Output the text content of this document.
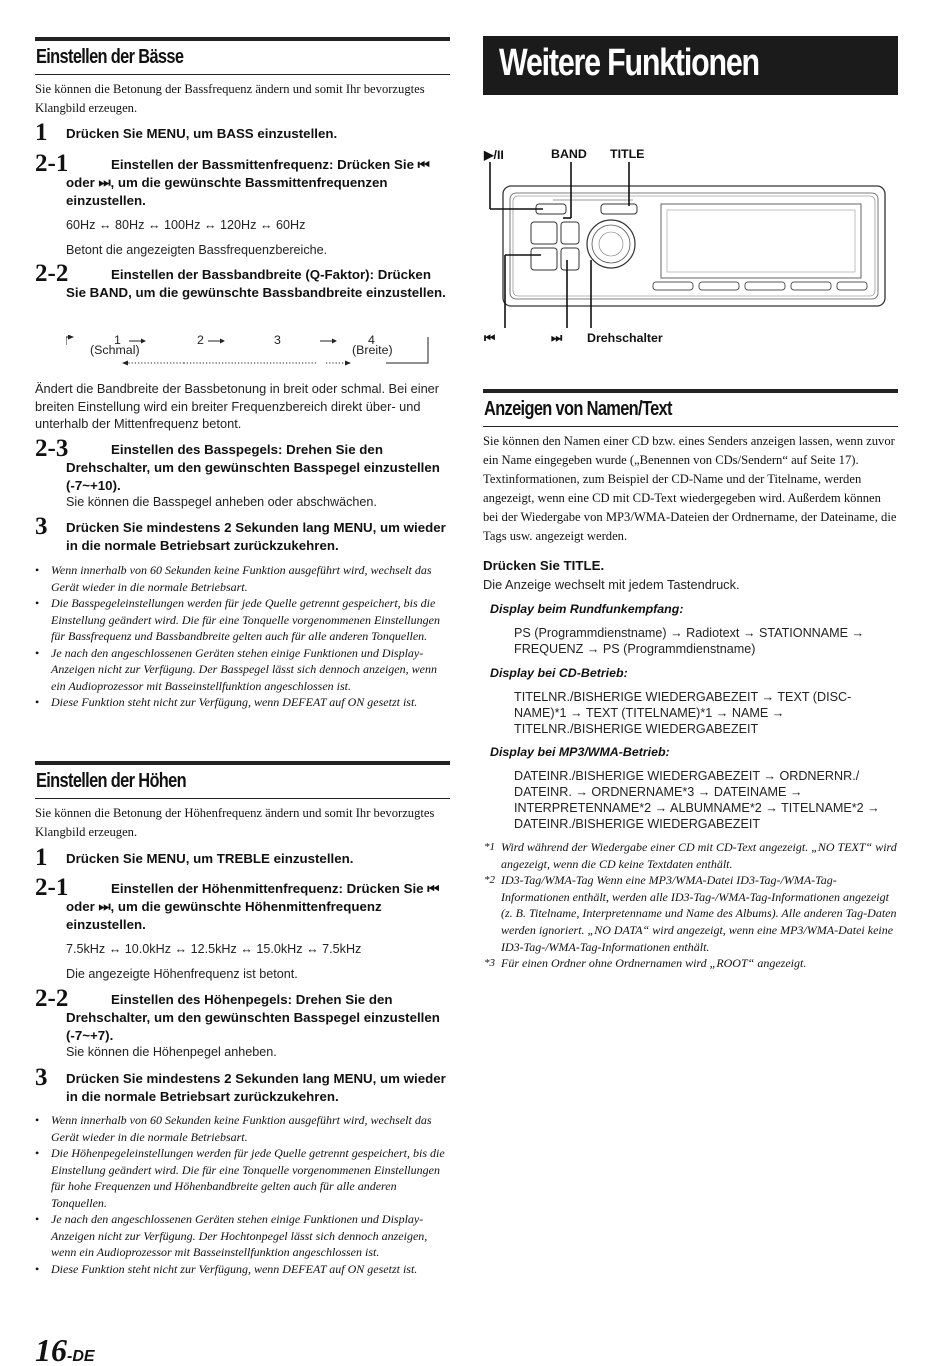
Einstellen der Bässe
Sie können die Betonung der Bassfrequenz ändern und somit Ihr bevorzugtes Klangbild erzeugen.
1 Drücken Sie MENU, um BASS einzustellen.
2-1	Einstellen der Bassmittenfrequenz: Drücken Sie ⏮ oder ⏭, um die gewünschte Bassmittenfrequenzen einzustellen.
60Hz ↔ 80Hz ↔ 100Hz ↔ 120Hz ↔ 60Hz
Betont die angezeigten Bassfrequenzbereiche.
2-2	Einstellen der Bassbandbreite (Q-Faktor): Drücken Sie BAND, um die gewünschte Bassbandbreite einzustellen.
1	2	3	4
(Schmal)	(Breite)
Ändert die Bandbreite der Bassbetonung in breit oder schmal. Bei einer breiten Einstellung wird ein breiter Frequenzbereich direkt über- und unterhalb der Mittenfrequenz betont.
2-3	Einstellen des Basspegels: Drehen Sie den Drehschalter, um den gewünschten Basspegel einzustellen (-7~+10).
Sie können die Basspegel anheben oder abschwächen.
3 Drücken Sie mindestens 2 Sekunden lang MENU, um wieder in die normale Betriebsart zurückzukehren.
• Wenn innerhalb von 60 Sekunden keine Funktion ausgeführt wird, wechselt das Gerät wieder in die normale Betriebsart.
• Die Basspegeleinstellungen werden für jede Quelle getrennt gespeichert, bis die Einstellung geändert wird. Die für eine Tonquelle vorgenommenen Einstellungen für Bassfrequenz und Bassbandbreite gelten auch für alle anderen Tonquellen.
• Je nach den angeschlossenen Geräten stehen einige Funktionen und Display-Anzeigen nicht zur Verfügung. Der Basspegel lässt sich dennoch anzeigen, wenn ein Audioprozessor mit Basseinstellfunktion angeschlossen ist.
• Diese Funktion steht nicht zur Verfügung, wenn DEFEAT auf ON gesetzt ist.
Einstellen der Höhen
Sie können die Betonung der Höhenfrequenz ändern und somit Ihr bevorzugtes Klangbild erzeugen.
1 Drücken Sie MENU, um TREBLE einzustellen.
2-1	Einstellen der Höhenmittenfrequenz: Drücken Sie ⏮ oder ⏭, um die gewünschte Höhenmittenfrequenz einzustellen.
7.5kHz ↔ 10.0kHz ↔ 12.5kHz ↔ 15.0kHz ↔ 7.5kHz
Die angezeigte Höhenfrequenz ist betont.
2-2	Einstellen des Höhenpegels: Drehen Sie den Drehschalter, um den gewünschten Basspegel einzustellen (-7~+7).
Sie können die Höhenpegel anheben.
3 Drücken Sie mindestens 2 Sekunden lang MENU, um wieder in die normale Betriebsart zurückzukehren.
• Wenn innerhalb von 60 Sekunden keine Funktion ausgeführt wird, wechselt das Gerät wieder in die normale Betriebsart.
• Die Höhenpegeleinstellungen werden für jede Quelle getrennt gespeichert, bis die Einstellung geändert wird. Die für eine Tonquelle vorgenommenen Einstellungen für hohe Frequenzen und Höhenbandbreite gelten auch für alle anderen Tonquellen.
• Je nach den angeschlossenen Geräten stehen einige Funktionen und Display-Anzeigen nicht zur Verfügung. Der Hochtonpegel lässt sich dennoch anzeigen, wenn ein Audioprozessor mit Basseinstellfunktion angeschlossen ist.
• Diese Funktion steht nicht zur Verfügung, wenn DEFEAT auf ON gesetzt ist.
Weitere Funktionen
▶/II	BAND TITLE
⏮	⏭ Drehschalter
Anzeigen von Namen/Text
Sie können den Namen einer CD bzw. eines Senders anzeigen lassen, wenn zuvor ein Name eingegeben wurde („Benennen von CDs/Sendern“ auf Seite 17). Textinformationen, zum Beispiel der CD-Name und der Titelname, werden angezeigt, wenn eine CD mit CD-Text wiedergegeben wird. Außerdem können bei der Wiedergabe von MP3/WMA-Dateien der Ordnername, der Dateiname, die Tags usw. angezeigt werden.
Drücken Sie TITLE.
Die Anzeige wechselt mit jedem Tastendruck.
Display beim Rundfunkempfang:
PS (Programmdienstname) → Radiotext → STATIONNAME → FREQUENZ → PS (Programmdienstname)
Display bei CD-Betrieb:
TITELNR./BISHERIGE WIEDERGABEZEIT → TEXT (DISC-NAME)*1 → TEXT (TITELNAME)*1 → NAME → TITELNR./BISHERIGE WIEDERGABEZEIT
Display bei MP3/WMA-Betrieb:
DATEINR./BISHERIGE WIEDERGABEZEIT → ORDNERNR./ DATEINR. → ORDNERNAME*3 → DATEINAME → INTERPRETENNAME*2 → ALBUMNAME*2 → TITELNAME*2 → DATEINR./BISHERIGE WIEDERGABEZEIT
*1 Wird während der Wiedergabe einer CD mit CD-Text angezeigt. „NO TEXT“ wird angezeigt, wenn die CD keine Textdaten enthält.
*2 ID3-Tag/WMA-Tag Wenn eine MP3/WMA-Datei ID3-Tag-/WMA-Tag-Informationen enthält, werden alle ID3-Tag-/WMA-Tag-Informationen angezeigt (z. B. Titelname, Interpretenname und Name des Albums). Alle anderen Tag-Daten werden ignoriert. „NO DATA“ wird angezeigt, wenn eine MP3/WMA-Datei keine ID3-Tag-/WMA-Tag-Informationen enthält.
*3 Für einen Ordner ohne Ordnernamen wird „ROOT“ angezeigt.
16-DE
